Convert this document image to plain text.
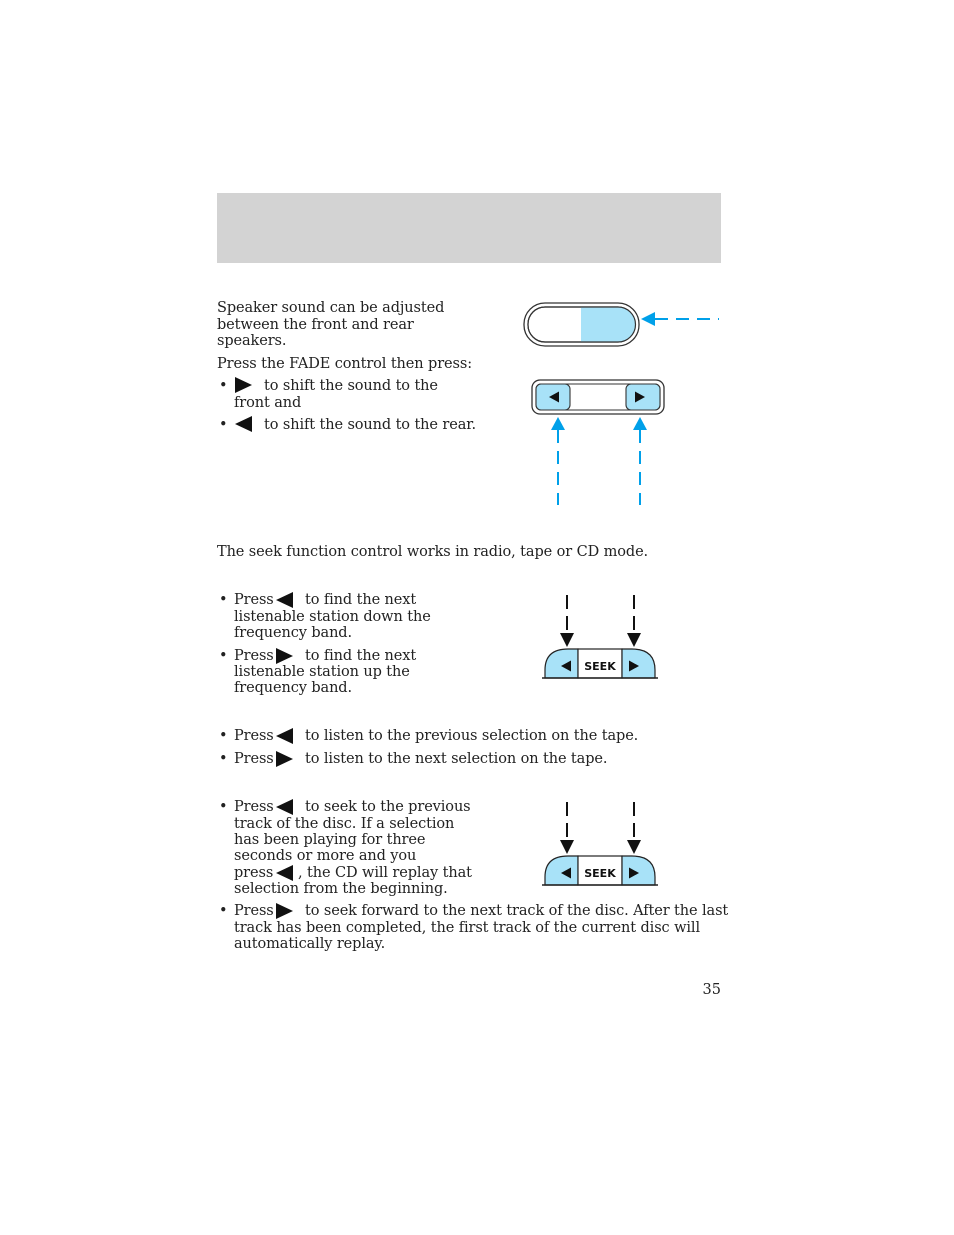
Speaker sound can be adjusted
between the front and rear
speakers.
Press the FADE control then press:
•	to shift the sound to the
front and
•	to shift the sound to the rear.
The seek function control works in radio, tape or CD mode.
• Press to find the next
listenable station down the
frequency band.
• Press to find the next
listenable station up the
frequency band.
SEEK
• Press to listen to the previous selection on the tape.
• Press to listen to the next selection on the tape.
• Press to seek to the previous
track of the disc. If a selection
has been playing for three
seconds or more and you
press , the CD will replay that
selection from the beginning.
SEEK
• Press to seek forward to the next track of the disc. After the last
track has been completed, the first track of the current disc will
automatically replay.
35
